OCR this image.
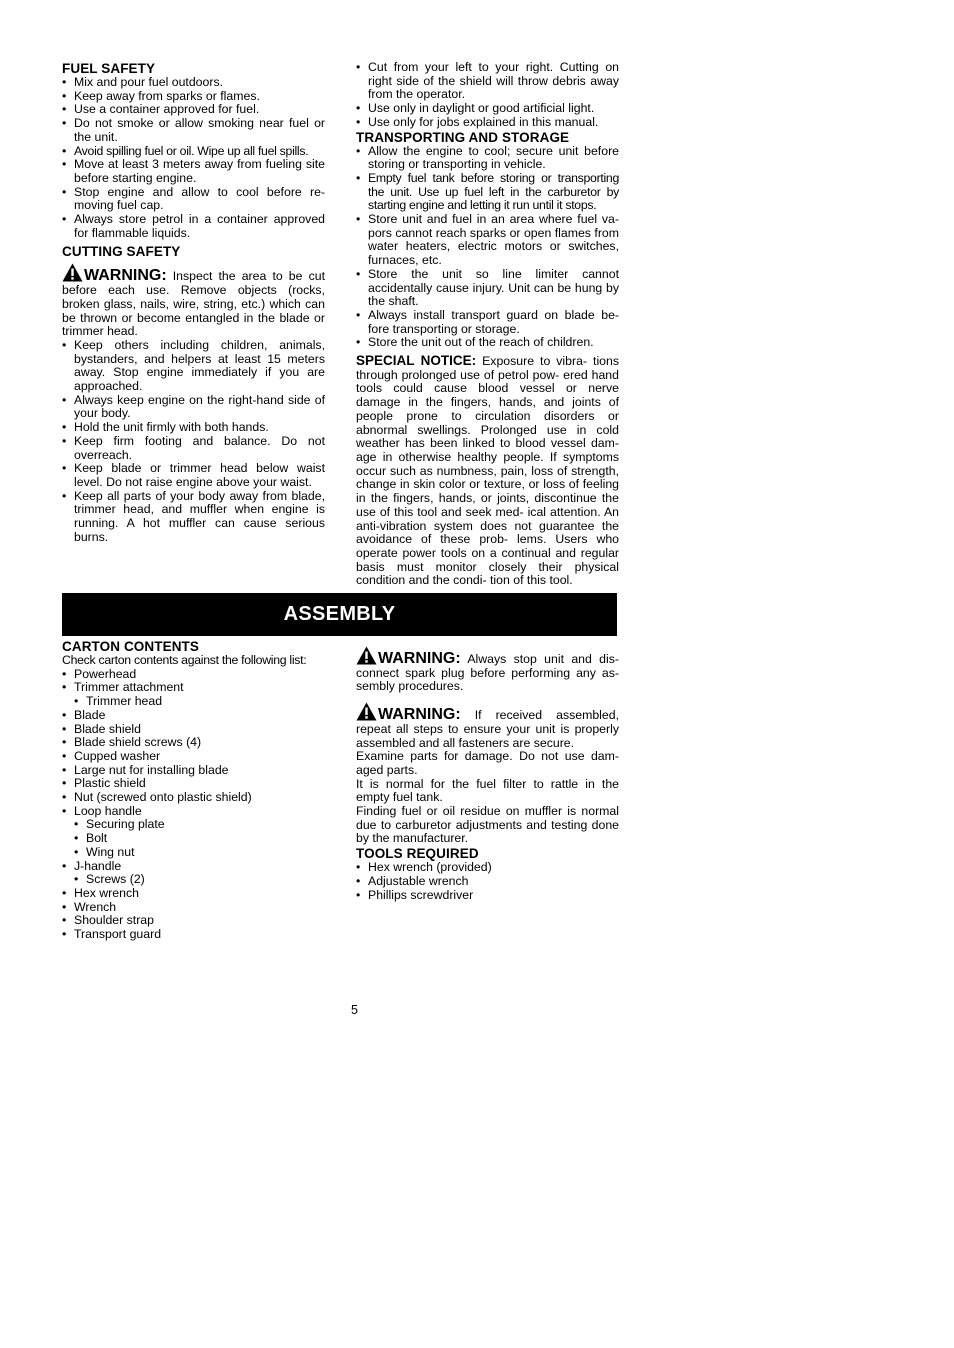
FUEL SAFETY
• Mix and pour fuel outdoors.
• Keep away from sparks or flames.
• Use a container approved for fuel.
• Do not smoke or allow smoking near fuel or the unit.
• Avoid spilling fuel or oil. Wipe up all fuel spills.
• Move at least 3 meters away from fueling site before starting engine.
• Stop engine and allow to cool before re- moving fuel cap.
• Always store petrol in a container approved for flammable liquids.
CUTTING SAFETY

WARNING: Inspect the area to be cut before each use. Remove objects (rocks, broken glass, nails, wire, string, etc.) which can be thrown or become entangled in the blade or trimmer head.

• Keep others including children, animals, bystanders, and helpers at least 15 meters away. Stop engine immediately if you are approached.
• Always keep engine on the right-hand side of your body.
• Hold the unit firmly with both hands.
• Keep firm footing and balance. Do not overreach.
• Keep blade or trimmer head below waist level. Do not raise engine above your waist.
• Keep all parts of your body away from blade, trimmer head, and muffler when engine is running. A hot muffler can cause serious burns.
• Cut from your left to your right. Cutting on right side of the shield will throw debris away from the operator.
• Use only in daylight or good artificial light.
• Use only for jobs explained in this manual.
TRANSPORTING AND STORAGE
• Allow the engine to cool; secure unit before storing or transporting in vehicle.
• Empty fuel tank before storing or transporting the unit. Use up fuel left in the carburetor by starting engine and letting it run until it stops.
• Store unit and fuel in an area where fuel va- pors cannot reach sparks or open flames from water heaters, electric motors or switches, furnaces, etc.
• Store the unit so line limiter cannot accidentally cause injury. Unit can be hung by the shaft.
• Always install transport guard on blade be- fore transporting or storage.
• Store the unit out of the reach of children.

SPECIAL NOTICE: Exposure to vibra- tions through prolonged use of petrol pow- ered hand tools could cause blood vessel or nerve damage in the fingers, hands, and joints of people prone to circulation disorders or abnormal swellings. Prolonged use in cold weather has been linked to blood vessel dam- age in otherwise healthy people. If symptoms occur such as numbness, pain, loss of strength, change in skin color or texture, or loss of feeling in the fingers, hands, or joints, discontinue the use of this tool and seek med- ical attention. An anti-vibration system does not guarantee the avoidance of these prob- lems. Users who operate power tools on a continual and regular basis must monitor closely their physical condition and the condi- tion of this tool.

ASSEMBLY
CARTON CONTENTS

Check carton contents against the following list:

• Powerhead
• Trimmer attachment
• Trimmer head
• Blade
• Blade shield
• Blade shield screws (4)
• Cupped washer
• Large nut for installing blade
• Plastic shield
• Nut (screwed onto plastic shield)
• Loop handle
• Securing plate
• Bolt
• Wing nut
• J-handle
• Screws (2)
• Hex wrench
• Wrench
• Shoulder strap
• Transport guard

WARNING: Always stop unit and dis- connect spark plug before performing any as- sembly procedures.

WARNING: If received assembled, repeat all steps to ensure your unit is properly assembled and all fasteners are secure.

Examine parts for damage. Do not use dam- aged parts.

It is normal for the fuel filter to rattle in the empty fuel tank.

Finding fuel or oil residue on muffler is normal due to carburetor adjustments and testing done by the manufacturer.

TOOLS REQUIRED
• Hex wrench (provided)
• Adjustable wrench
• Phillips screwdriver
5
